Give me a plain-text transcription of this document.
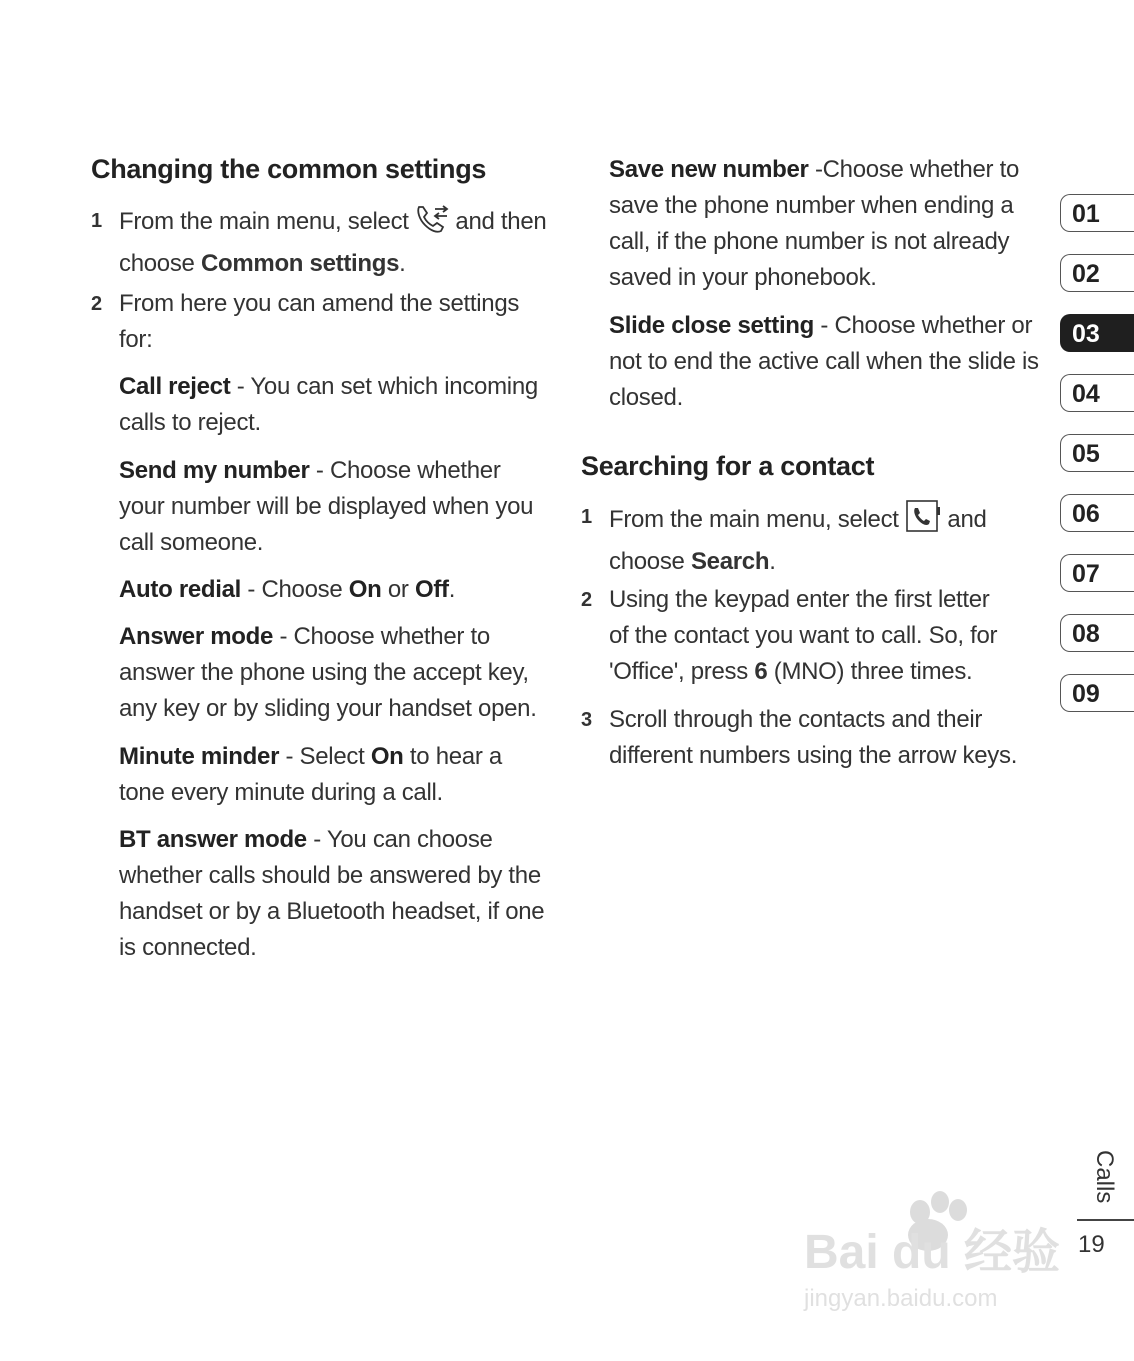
Changing the common settings
1 From the main menu, select and then choose Common settings.
2 From here you can amend the settings for:
Call reject - You can set which incoming calls to reject.
Send my number - Choose whether your number will be displayed when you call someone.
Auto redial - Choose On or Off.
Answer mode - Choose whether to answer the phone using the accept key, any key or by sliding your handset open.
Minute minder - Select On to hear a tone every minute during a call.
BT answer mode - You can choose whether calls should be answered by the handset or by a Bluetooth headset, if one is connected.
Save new number -Choose whether to save the phone number when ending a call, if the phone number is not already saved in your phonebook.
Slide close setting - Choose whether or not to end the active call when the slide is closed.
Searching for a contact
1 From the main menu, select and choose Search.
2 Using the keypad enter the first letter of the contact you want to call. So, for 'Office', press 6 (MNO) three times.
3 Scroll through the contacts and their different numbers using the arrow keys.
01
02
03
04
05
06
07
08
09
Calls
19
Bai du 经验
jingyan.baidu.com
